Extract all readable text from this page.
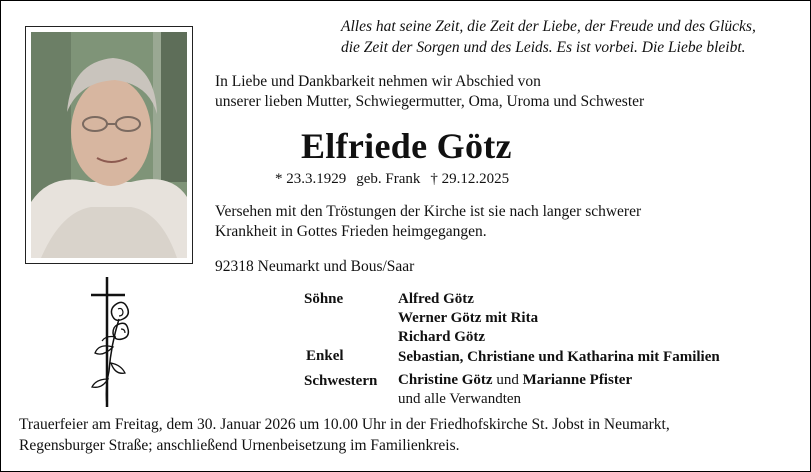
Alles hat seine Zeit, die Zeit der Liebe, der Freude und des Glücks,
die Zeit der Sorgen und des Leids. Es ist vorbei. Die Liebe bleibt.
In Liebe und Dankbarkeit nehmen wir Abschied von
unserer lieben Mutter, Schwiegermutter, Oma, Uroma und Schwester
Elfriede Götz
* 23.3.1929 geb. Frank † 29.12.2025
Versehen mit den Tröstungen der Kirche ist sie nach langer schwerer
Krankheit in Gottes Frieden heimgegangen.
92318 Neumarkt und Bous/Saar
Söhne	Alfred Götz
Werner Götz mit Rita
Richard Götz
Enkel	Sebastian, Christiane und Katharina mit Familien
Schwestern Christine Götz und Marianne Pfister
und alle Verwandten
Trauerfeier am Freitag, dem 30. Januar 2026 um 10.00 Uhr in der Friedhofskirche St. Jobst in Neumarkt,
Regensburger Straße; anschließend Urnenbeisetzung im Familienkreis.
